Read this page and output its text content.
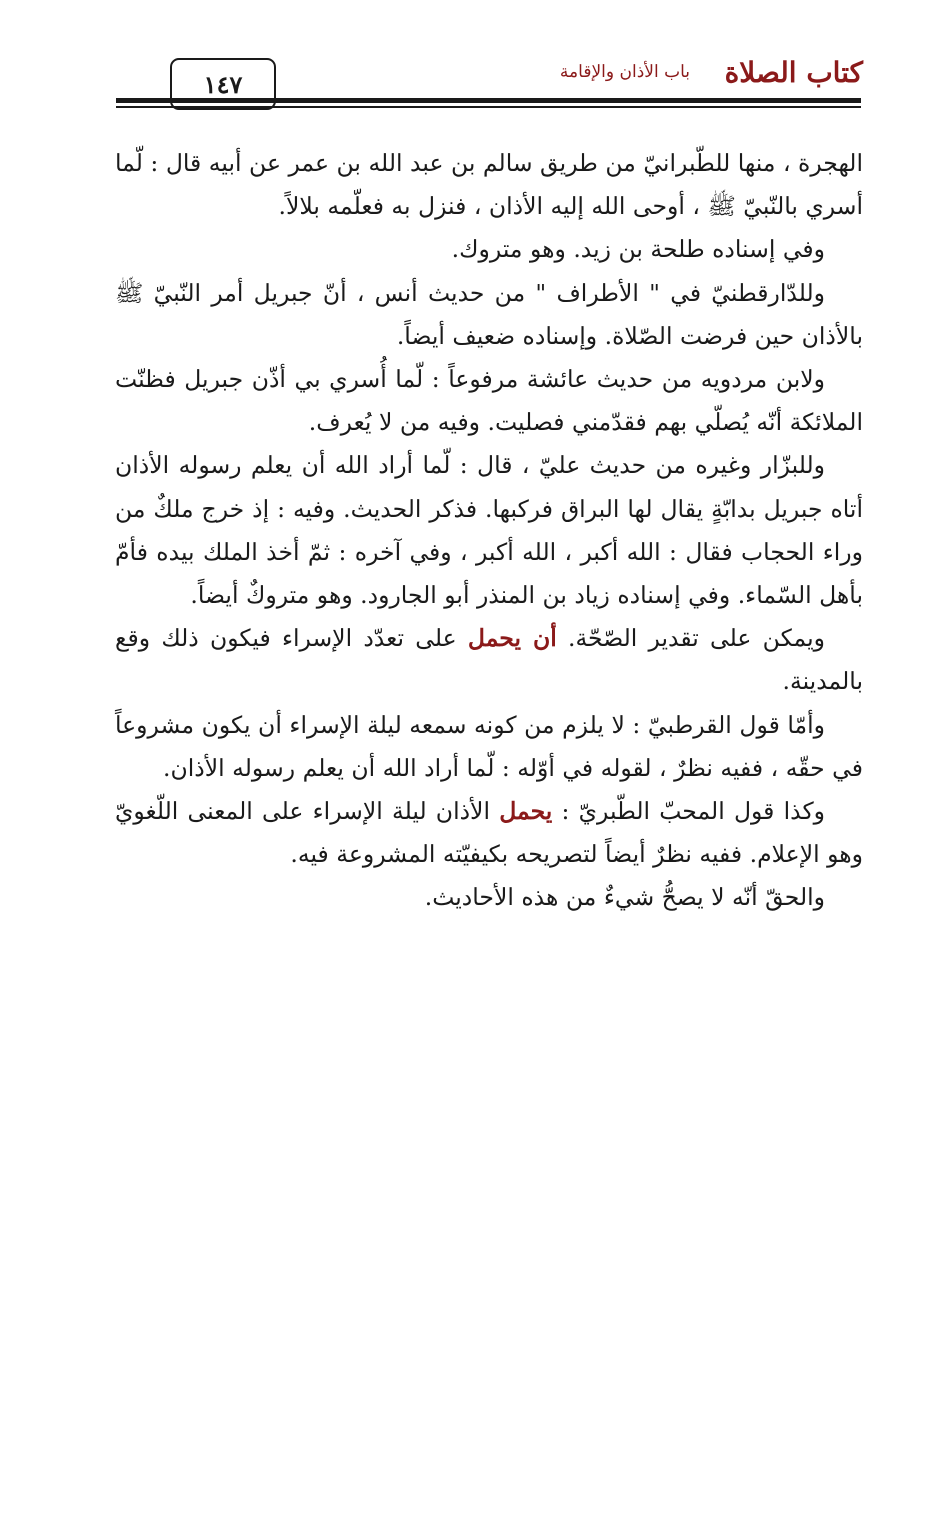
كتاب الصلاة
باب الأذان والإقامة
١٤٧

الهجرة ، منها للطّبرانيّ من طريق سالم بن عبد الله بن عمر عن أبيه قال : لّما أسري بالنّبيّ ﷺ ، أوحى الله إليه الأذان ، فنزل به فعلّمه بلالاً.

وفي إسناده طلحة بن زيد. وهو متروك.

وللدّارقطنيّ في " الأطراف " من حديث أنس ، أنّ جبريل أمر النّبيّ ﷺ بالأذان حين فرضت الصّلاة. وإسناده ضعيف أيضاً.

ولابن مردويه من حديث عائشة مرفوعاً : لّما أُسري بي أذّن جبريل فظنّت الملائكة أنّه يُصلّي بهم فقدّمني فصليت. وفيه من لا يُعرف.

وللبزّار وغيره من حديث عليّ ، قال : لّما أراد الله أن يعلم رسوله الأذان أتاه جبريل بدابّةٍ يقال لها البراق فركبها. فذكر الحديث. وفيه : إذ خرج ملكٌ من وراء الحجاب فقال : الله أكبر ، الله أكبر ، وفي آخره : ثمّ أخذ الملك بيده فأمّ بأهل السّماء. وفي إسناده زياد بن المنذر أبو الجارود. وهو متروكٌ أيضاً.

ويمكن على تقدير الصّحّة. أن يحمل على تعدّد الإسراء فيكون ذلك وقع بالمدينة.

وأمّا قول القرطبيّ : لا يلزم من كونه سمعه ليلة الإسراء أن يكون مشروعاً في حقّه ، ففيه نظرٌ ، لقوله في أوّله : لّما أراد الله أن يعلم رسوله الأذان.

وكذا قول المحبّ الطّبريّ : يحمل الأذان ليلة الإسراء على المعنى اللّغويّ وهو الإعلام. ففيه نظرٌ أيضاً لتصريحه بكيفيّته المشروعة فيه.

والحقّ أنّه لا يصحُّ شيءٌ من هذه الأحاديث.
